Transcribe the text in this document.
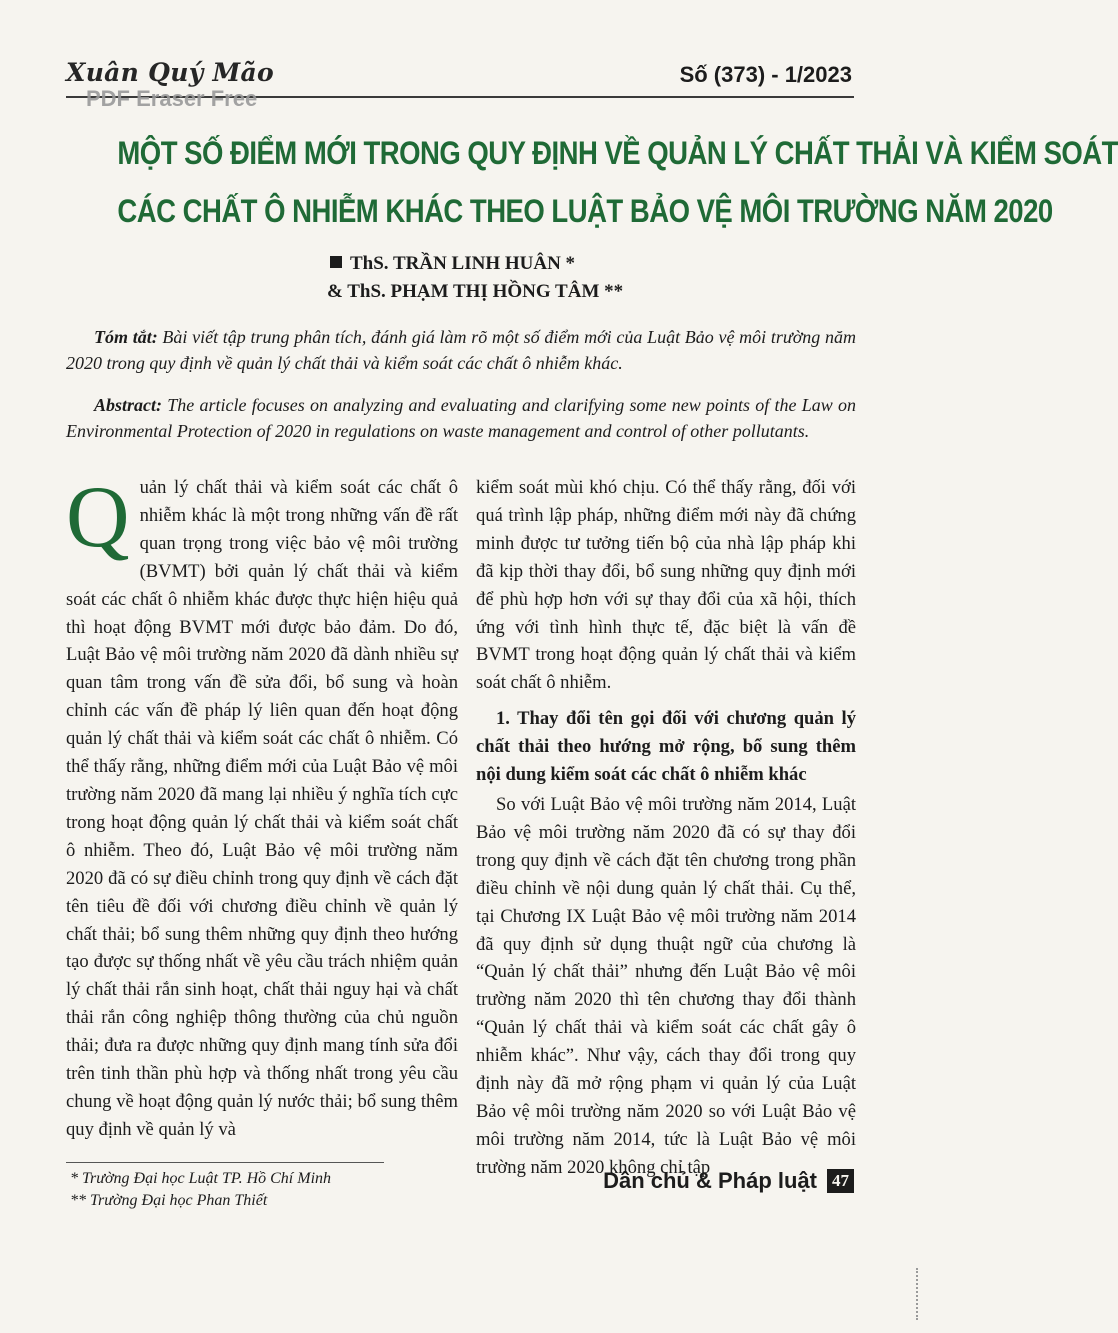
Xuân Quý Mão	Số (373) - 1/2023
PDF Eraser Free
MỘT SỐ ĐIỂM MỚI TRONG QUY ĐỊNH VỀ QUẢN LÝ CHẤT THẢI VÀ KIỂM SOÁT
CÁC CHẤT Ô NHIỄM KHÁC THEO LUẬT BẢO VỆ MÔI TRƯỜNG NĂM 2020
ThS. TRẦN LINH HUÂN *
& ThS. PHẠM THỊ HỒNG TÂM **
Tóm tắt: Bài viết tập trung phân tích, đánh giá làm rõ một số điểm mới của Luật Bảo vệ môi trường năm 2020 trong quy định về quản lý chất thải và kiểm soát các chất ô nhiễm khác.
Abstract: The article focuses on analyzing and evaluating and clarifying some new points of the Law on Environmental Protection of 2020 in regulations on waste management and control of other pollutants.

Quản lý chất thải và kiểm soát các chất ô nhiễm khác là một trong những vấn đề rất quan trọng trong việc bảo vệ môi trường (BVMT) bởi quản lý chất thải và kiểm soát các chất ô nhiễm khác được thực hiện hiệu quả thì hoạt động BVMT mới được bảo đảm. Do đó, Luật Bảo vệ môi trường năm 2020 đã dành nhiều sự quan tâm trong vấn đề sửa đổi, bổ sung và hoàn chỉnh các vấn đề pháp lý liên quan đến hoạt động quản lý chất thải và kiểm soát các chất ô nhiễm. Có thể thấy rằng, những điểm mới của Luật Bảo vệ môi trường năm 2020 đã mang lại nhiều ý nghĩa tích cực trong hoạt động quản lý chất thải và kiểm soát chất ô nhiễm. Theo đó, Luật Bảo vệ môi trường năm 2020 đã có sự điều chỉnh trong quy định về cách đặt tên tiêu đề đối với chương điều chỉnh về quản lý chất thải; bổ sung thêm những quy định theo hướng tạo được sự thống nhất về yêu cầu trách nhiệm quản lý chất thải rắn sinh hoạt, chất thải nguy hại và chất thải rắn công nghiệp thông thường của chủ nguồn thải; đưa ra được những quy định mang tính sửa đổi trên tinh thần phù hợp và thống nhất trong yêu cầu chung về hoạt động quản lý nước thải; bổ sung thêm quy định về quản lý và

kiểm soát mùi khó chịu. Có thể thấy rằng, đối với quá trình lập pháp, những điểm mới này đã chứng minh được tư tưởng tiến bộ của nhà lập pháp khi đã kịp thời thay đổi, bổ sung những quy định mới để phù hợp hơn với sự thay đổi của xã hội, thích ứng với tình hình thực tế, đặc biệt là vấn đề BVMT trong hoạt động quản lý chất thải và kiểm soát chất ô nhiễm.

1. Thay đổi tên gọi đối với chương quản lý chất thải theo hướng mở rộng, bổ sung thêm nội dung kiểm soát các chất ô nhiễm khác

So với Luật Bảo vệ môi trường năm 2014, Luật Bảo vệ môi trường năm 2020 đã có sự thay đổi trong quy định về cách đặt tên chương trong phần điều chỉnh về nội dung quản lý chất thải. Cụ thể, tại Chương IX Luật Bảo vệ môi trường năm 2014 đã quy định sử dụng thuật ngữ của chương là “Quản lý chất thải” nhưng đến Luật Bảo vệ môi trường năm 2020 thì tên chương thay đổi thành “Quản lý chất thải và kiểm soát các chất gây ô nhiễm khác”. Như vậy, cách thay đổi trong quy định này đã mở rộng phạm vi quản lý của Luật Bảo vệ môi trường năm 2020 so với Luật Bảo vệ môi trường năm 2014, tức là Luật Bảo vệ môi trường năm 2020 không chỉ tập

* Trường Đại học Luật TP. Hồ Chí Minh
** Trường Đại học Phan Thiết
Dân chủ & Pháp luật 47
